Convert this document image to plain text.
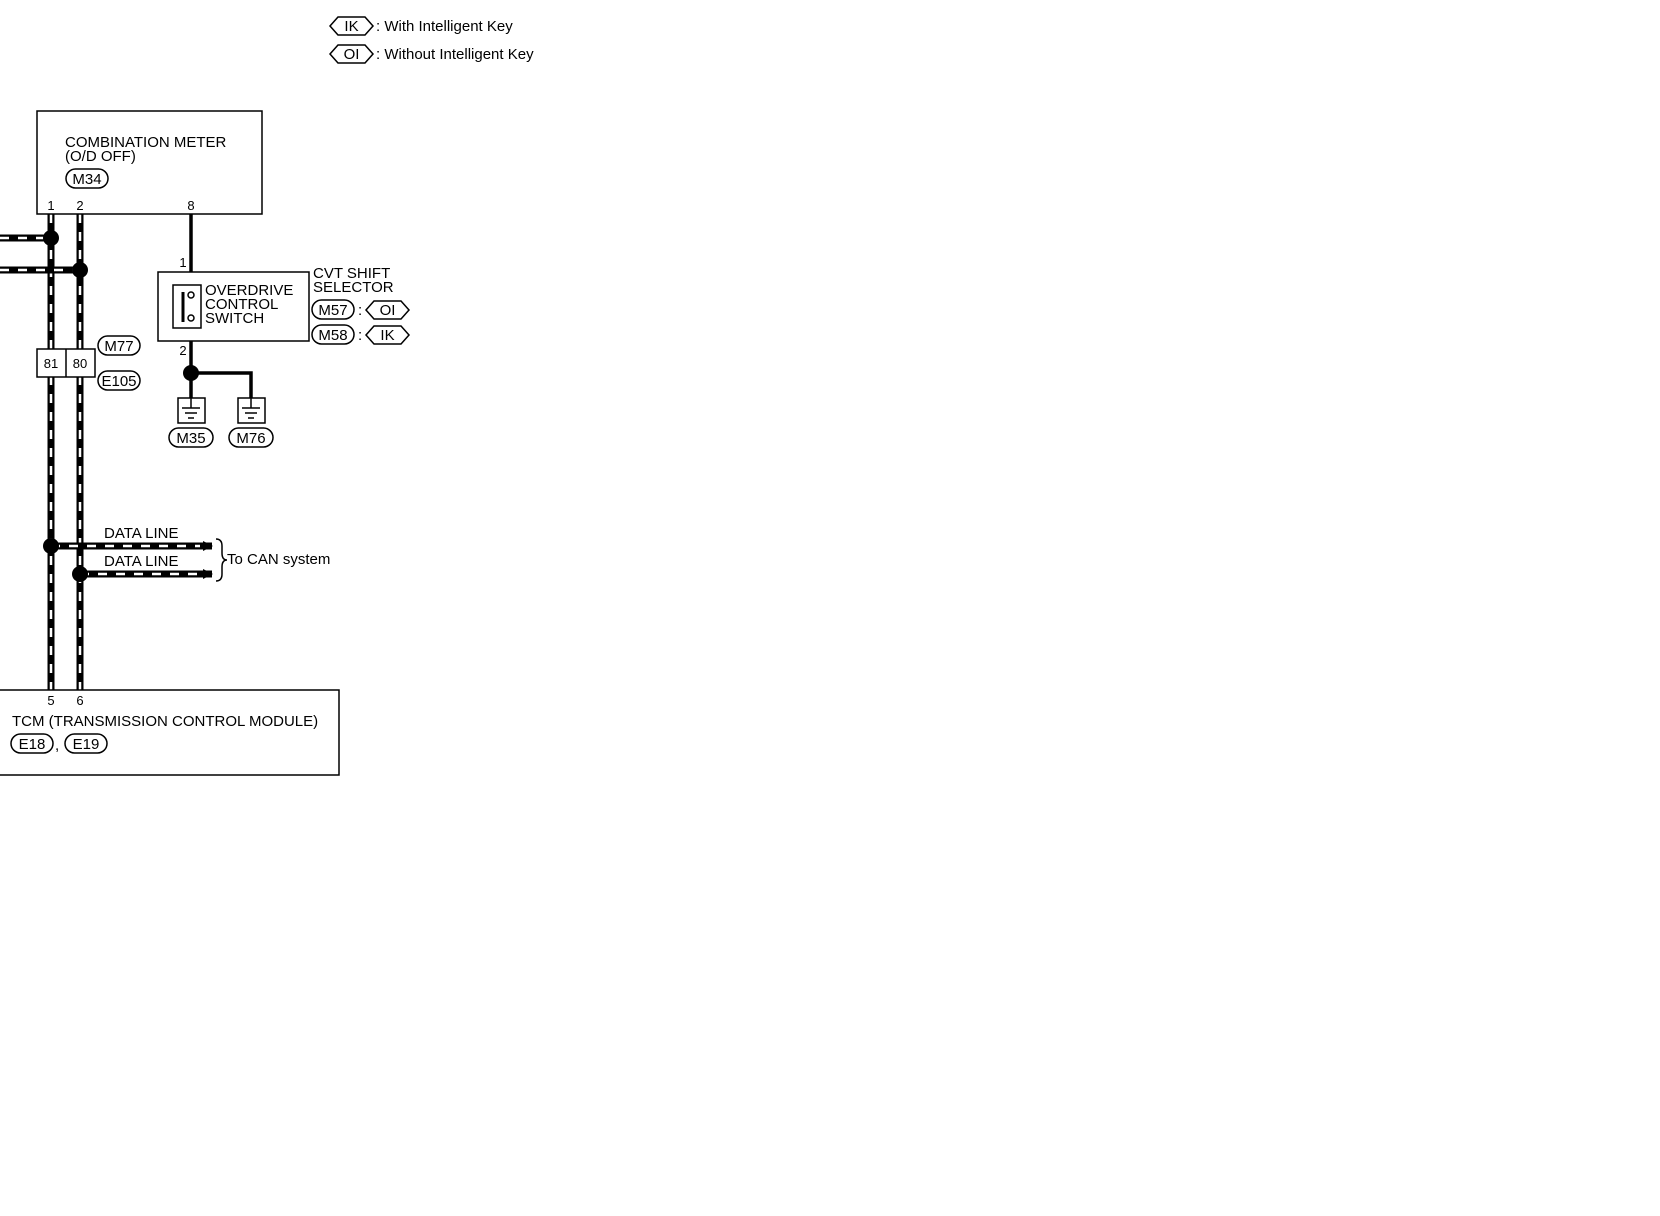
IK : With Intelligent Key
OI : Without Intelligent Key
COMBINATION METER
(O/D OFF)
M34
1 2	8
1
OVERDRIVE
CONTROL
SWITCH
2
CVT SHIFT
SELECTOR
M57 : OI
M58 : IK
M35 M76
81 80
M77
E105
DATA LINE
DATA LINE	To CAN system
5 6
TCM (TRANSMISSION CONTROL MODULE)
E18 , E19
